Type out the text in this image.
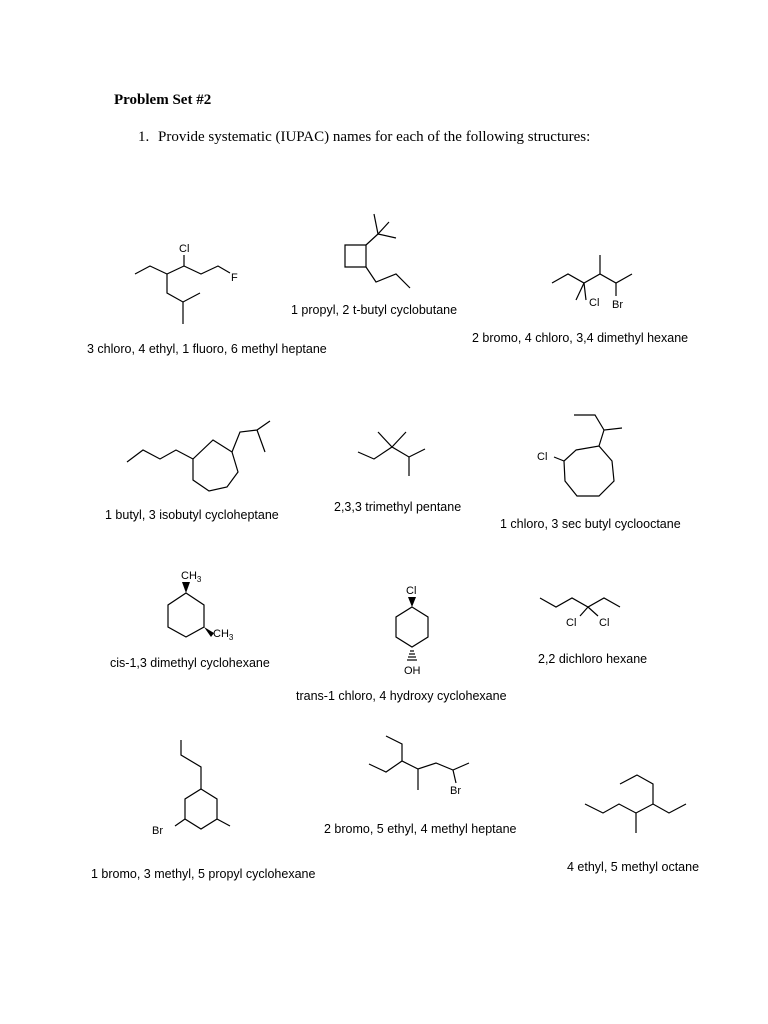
Problem Set #2
1. Provide systematic (IUPAC) names for each of the following structures:
Cl
F
Cl Br
Cl
$CH_3$
$CH_3$
Cl
OH
Cl Cl
Br
Br
3 chloro, 4 ethyl, 1 fluoro, 6 methyl heptane
1 propyl, 2 t-butyl cyclobutane
2 bromo, 4 chloro, 3,4 dimethyl hexane
1 butyl, 3 isobutyl cycloheptane
2,3,3 trimethyl pentane
1 chloro, 3 sec butyl cyclooctane
cis-1,3 dimethyl cyclohexane
trans-1 chloro, 4 hydroxy cyclohexane
2,2 dichloro hexane
1 bromo, 3 methyl, 5 propyl cyclohexane
2 bromo, 5 ethyl, 4 methyl heptane
4 ethyl, 5 methyl octane
